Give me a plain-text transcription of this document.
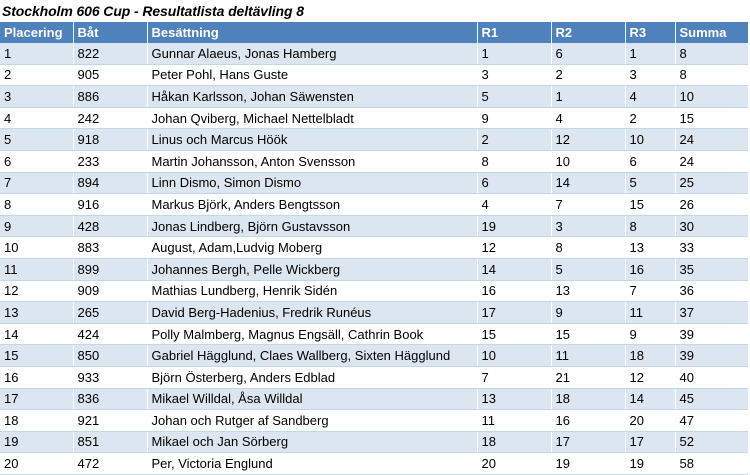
Stockholm 606 Cup - Resultatlista deltävling 8
Placering	Båt	Besättning	R1	R2	R3	Summa
1	822	Gunnar Alaeus, Jonas Hamberg	1	6	1	8
2	905	Peter Pohl, Hans Guste	3	2	3	8
3	886	Håkan Karlsson, Johan Säwensten	5	1	4	10
4	242	Johan Qviberg, Michael Nettelbladt	9	4	2	15
5	918	Linus och Marcus Höök	2	12	10	24
6	233	Martin Johansson, Anton Svensson	8	10	6	24
7	894	Linn Dismo, Simon Dismo	6	14	5	25
8	916	Markus Björk, Anders Bengtsson	4	7	15	26
9	428	Jonas Lindberg, Björn Gustavsson	19	3	8	30
10	883	August, Adam,Ludvig Moberg	12	8	13	33
11	899	Johannes Bergh, Pelle Wickberg	14	5	16	35
12	909	Mathias Lundberg, Henrik Sidén	16	13	7	36
13	265	David Berg-Hadenius, Fredrik Runéus	17	9	11	37
14	424	Polly Malmberg, Magnus Engsäll, Cathrin Book	15	15	9	39
15	850	Gabriel Hägglund, Claes Wallberg, Sixten Hägglund	10	11	18	39
16	933	Björn Österberg, Anders Edblad	7	21	12	40
17	836	Mikael Willdal, Åsa Willdal	13	18	14	45
18	921	Johan och Rutger af Sandberg	11	16	20	47
19	851	Mikael och Jan Sörberg	18	17	17	52
20	472	Per, Victoria Englund	20	19	19	58
